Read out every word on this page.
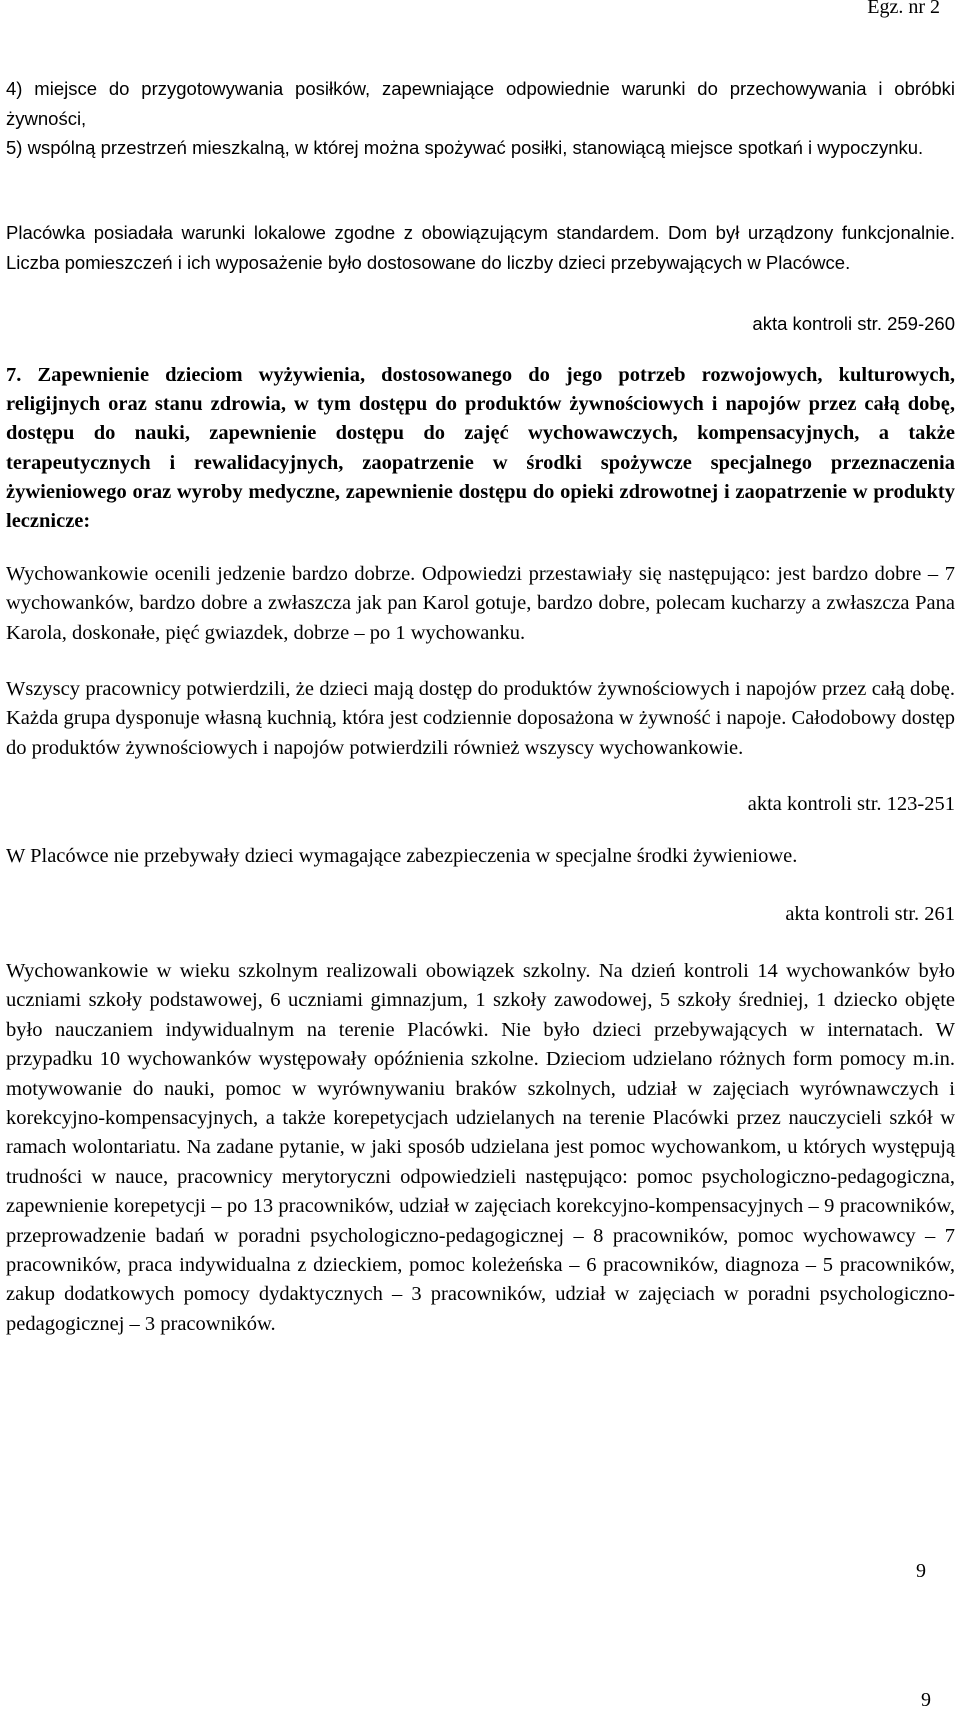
Egz. nr 2
4) miejsce do przygotowywania posiłków, zapewniające odpowiednie warunki do przechowywania i obróbki żywności,
5) wspólną przestrzeń mieszkalną, w której można spożywać posiłki, stanowiącą miejsce spotkań i wypoczynku.
Placówka posiadała warunki lokalowe zgodne z obowiązującym standardem. Dom był urządzony funkcjonalnie. Liczba pomieszczeń i ich wyposażenie było dostosowane do liczby dzieci przebywających w Placówce.
akta kontroli str. 259-260
7. Zapewnienie dzieciom wyżywienia, dostosowanego do jego potrzeb rozwojowych, kulturowych, religijnych oraz stanu zdrowia, w tym dostępu do produktów żywnościowych i napojów przez całą dobę, dostępu do nauki, zapewnienie dostępu do zajęć wychowawczych, kompensacyjnych, a także terapeutycznych i rewalidacyjnych, zaopatrzenie w środki spożywcze specjalnego przeznaczenia żywieniowego oraz wyroby medyczne, zapewnienie dostępu do opieki zdrowotnej i zaopatrzenie w produkty lecznicze:
Wychowankowie ocenili jedzenie bardzo dobrze. Odpowiedzi przestawiały się następująco: jest bardzo dobre – 7 wychowanków, bardzo dobre a zwłaszcza jak pan Karol gotuje, bardzo dobre, polecam kucharzy a zwłaszcza Pana Karola, doskonałe, pięć gwiazdek, dobrze – po 1 wychowanku.
Wszyscy pracownicy potwierdzili, że dzieci mają dostęp do produktów żywnościowych i napojów przez całą dobę. Każda grupa dysponuje własną kuchnią, która jest codziennie doposażona w żywność i napoje. Całodobowy dostęp do produktów żywnościowych i napojów potwierdzili również wszyscy wychowankowie.
akta kontroli str. 123-251
W Placówce nie przebywały dzieci wymagające zabezpieczenia w specjalne środki żywieniowe.
akta kontroli str. 261
Wychowankowie w wieku szkolnym realizowali obowiązek szkolny. Na dzień kontroli 14 wychowanków było uczniami szkoły podstawowej, 6 uczniami gimnazjum, 1 szkoły zawodowej, 5 szkoły średniej, 1 dziecko objęte było nauczaniem indywidualnym na terenie Placówki. Nie było dzieci przebywających w internatach. W przypadku 10 wychowanków występowały opóźnienia szkolne. Dzieciom udzielano różnych form pomocy m.in. motywowanie do nauki, pomoc w wyrównywaniu braków szkolnych, udział w zajęciach wyrównawczych i korekcyjno-kompensacyjnych, a także korepetycjach udzielanych na terenie Placówki przez nauczycieli szkół w ramach wolontariatu. Na zadane pytanie, w jaki sposób udzielana jest pomoc wychowankom, u których występują trudności w nauce, pracownicy merytoryczni odpowiedzieli następująco: pomoc psychologiczno-pedagogiczna, zapewnienie korepetycji – po 13 pracowników, udział w zajęciach korekcyjno-kompensacyjnych – 9 pracowników, przeprowadzenie badań w poradni psychologiczno-pedagogicznej – 8 pracowników, pomoc wychowawcy – 7 pracowników, praca indywidualna z dzieckiem, pomoc koleżeńska – 6 pracowników, diagnoza – 5 pracowników, zakup dodatkowych pomocy dydaktycznych – 3 pracowników, udział w zajęciach w poradni psychologiczno-pedagogicznej – 3 pracowników.
9
9
